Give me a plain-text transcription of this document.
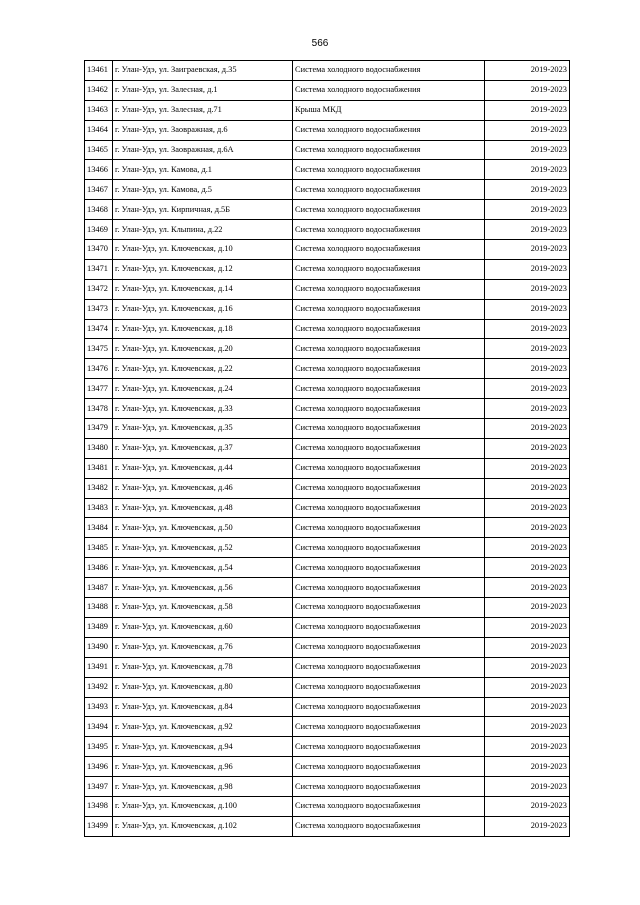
566
13461	г. Улан-Удэ, ул. Заиграевская, д.35	Система холодного водоснабжения	2019-2023
13462	г. Улан-Удэ, ул. Залесная, д.1	Система холодного водоснабжения	2019-2023
13463	г. Улан-Удэ, ул. Залесная, д.71	Крыша МКД	2019-2023
13464	г. Улан-Удэ, ул. Заовражная, д.6	Система холодного водоснабжения	2019-2023
13465	г. Улан-Удэ, ул. Заовражная, д.6А	Система холодного водоснабжения	2019-2023
13466	г. Улан-Удэ, ул. Камова, д.1	Система холодного водоснабжения	2019-2023
13467	г. Улан-Удэ, ул. Камова, д.5	Система холодного водоснабжения	2019-2023
13468	г. Улан-Удэ, ул. Кирпичная, д.5Б	Система холодного водоснабжения	2019-2023
13469	г. Улан-Удэ, ул. Клыпина, д.22	Система холодного водоснабжения	2019-2023
13470	г. Улан-Удэ, ул. Ключевская, д.10	Система холодного водоснабжения	2019-2023
13471	г. Улан-Удэ, ул. Ключевская, д.12	Система холодного водоснабжения	2019-2023
13472	г. Улан-Удэ, ул. Ключевская, д.14	Система холодного водоснабжения	2019-2023
13473	г. Улан-Удэ, ул. Ключевская, д.16	Система холодного водоснабжения	2019-2023
13474	г. Улан-Удэ, ул. Ключевская, д.18	Система холодного водоснабжения	2019-2023
13475	г. Улан-Удэ, ул. Ключевская, д.20	Система холодного водоснабжения	2019-2023
13476	г. Улан-Удэ, ул. Ключевская, д.22	Система холодного водоснабжения	2019-2023
13477	г. Улан-Удэ, ул. Ключевская, д.24	Система холодного водоснабжения	2019-2023
13478	г. Улан-Удэ, ул. Ключевская, д.33	Система холодного водоснабжения	2019-2023
13479	г. Улан-Удэ, ул. Ключевская, д.35	Система холодного водоснабжения	2019-2023
13480	г. Улан-Удэ, ул. Ключевская, д.37	Система холодного водоснабжения	2019-2023
13481	г. Улан-Удэ, ул. Ключевская, д.44	Система холодного водоснабжения	2019-2023
13482	г. Улан-Удэ, ул. Ключевская, д.46	Система холодного водоснабжения	2019-2023
13483	г. Улан-Удэ, ул. Ключевская, д.48	Система холодного водоснабжения	2019-2023
13484	г. Улан-Удэ, ул. Ключевская, д.50	Система холодного водоснабжения	2019-2023
13485	г. Улан-Удэ, ул. Ключевская, д.52	Система холодного водоснабжения	2019-2023
13486	г. Улан-Удэ, ул. Ключевская, д.54	Система холодного водоснабжения	2019-2023
13487	г. Улан-Удэ, ул. Ключевская, д.56	Система холодного водоснабжения	2019-2023
13488	г. Улан-Удэ, ул. Ключевская, д.58	Система холодного водоснабжения	2019-2023
13489	г. Улан-Удэ, ул. Ключевская, д.60	Система холодного водоснабжения	2019-2023
13490	г. Улан-Удэ, ул. Ключевская, д.76	Система холодного водоснабжения	2019-2023
13491	г. Улан-Удэ, ул. Ключевская, д.78	Система холодного водоснабжения	2019-2023
13492	г. Улан-Удэ, ул. Ключевская, д.80	Система холодного водоснабжения	2019-2023
13493	г. Улан-Удэ, ул. Ключевская, д.84	Система холодного водоснабжения	2019-2023
13494	г. Улан-Удэ, ул. Ключевская, д.92	Система холодного водоснабжения	2019-2023
13495	г. Улан-Удэ, ул. Ключевская, д.94	Система холодного водоснабжения	2019-2023
13496	г. Улан-Удэ, ул. Ключевская, д.96	Система холодного водоснабжения	2019-2023
13497	г. Улан-Удэ, ул. Ключевская, д.98	Система холодного водоснабжения	2019-2023
13498	г. Улан-Удэ, ул. Ключевская, д.100	Система холодного водоснабжения	2019-2023
13499	г. Улан-Удэ, ул. Ключевская, д.102	Система холодного водоснабжения	2019-2023
